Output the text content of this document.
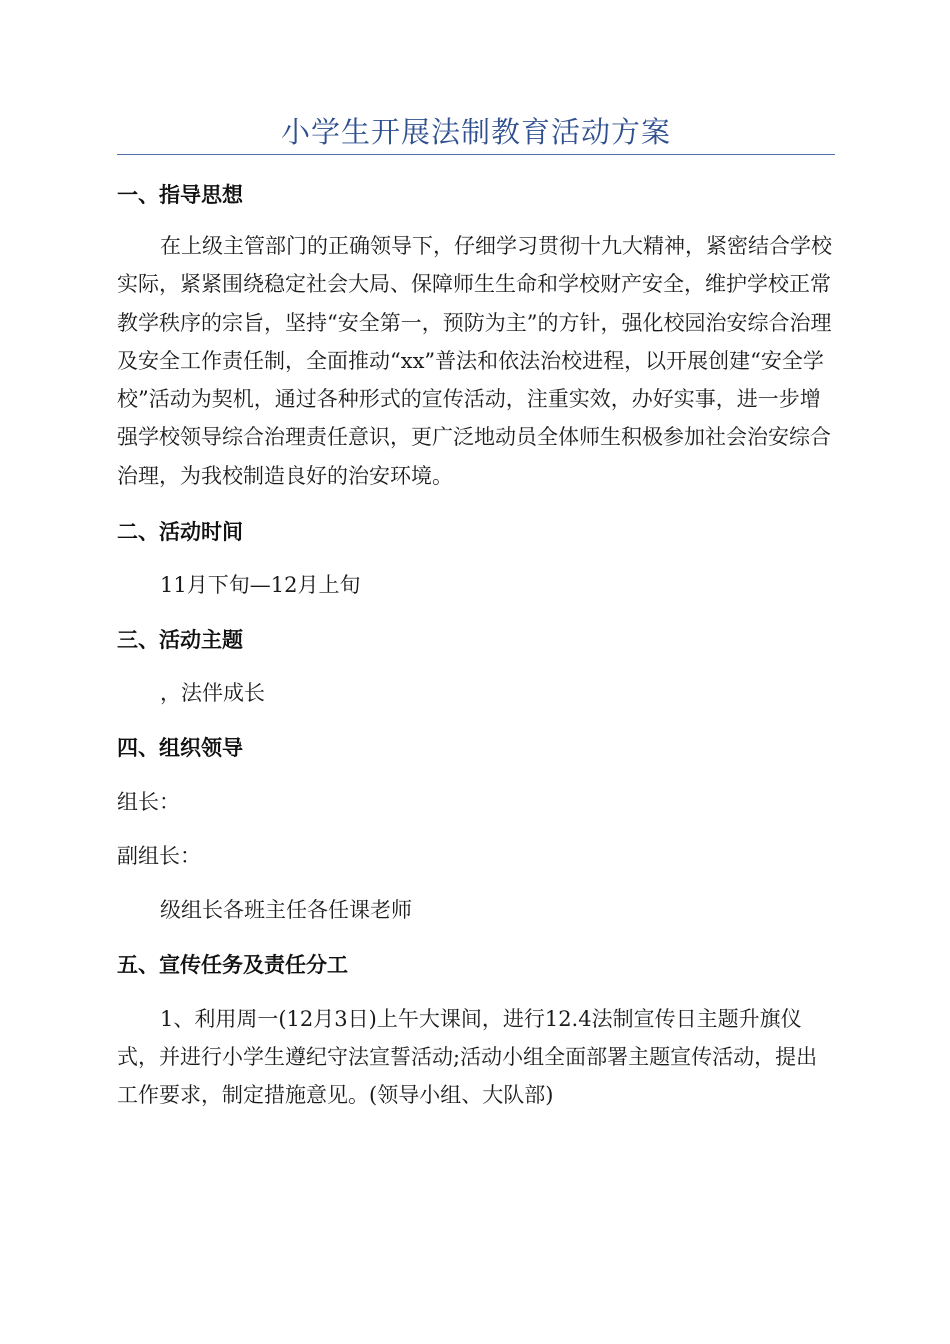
小学生开展法制教育活动方案
一、指导思想
在上级主管部门的正确领导下，仔细学习贯彻十九大精神，紧密结合学校实际，紧紧围绕稳定社会大局、保障师生生命和学校财产安全，维护学校正常教学秩序的宗旨，坚持“安全第一，预防为主”的方针，强化校园治安综合治理及安全工作责任制，全面推动“xx”普法和依法治校进程，以开展创建“安全学校”活动为契机，通过各种形式的宣传活动，注重实效，办好实事，进一步增强学校领导综合治理责任意识，更广泛地动员全体师生积极参加社会治安综合治理，为我校制造良好的治安环境。
二、活动时间
11月下旬—12月上旬
三、活动主题
，法伴成长
四、组织领导
组长：
副组长：
级组长各班主任各任课老师
五、宣传任务及责任分工
1、利用周一(12月3日)上午大课间，进行12.4法制宣传日主题升旗仪式，并进行小学生遵纪守法宣誓活动;活动小组全面部署主题宣传活动，提出工作要求，制定措施意见。(领导小组、大队部)
